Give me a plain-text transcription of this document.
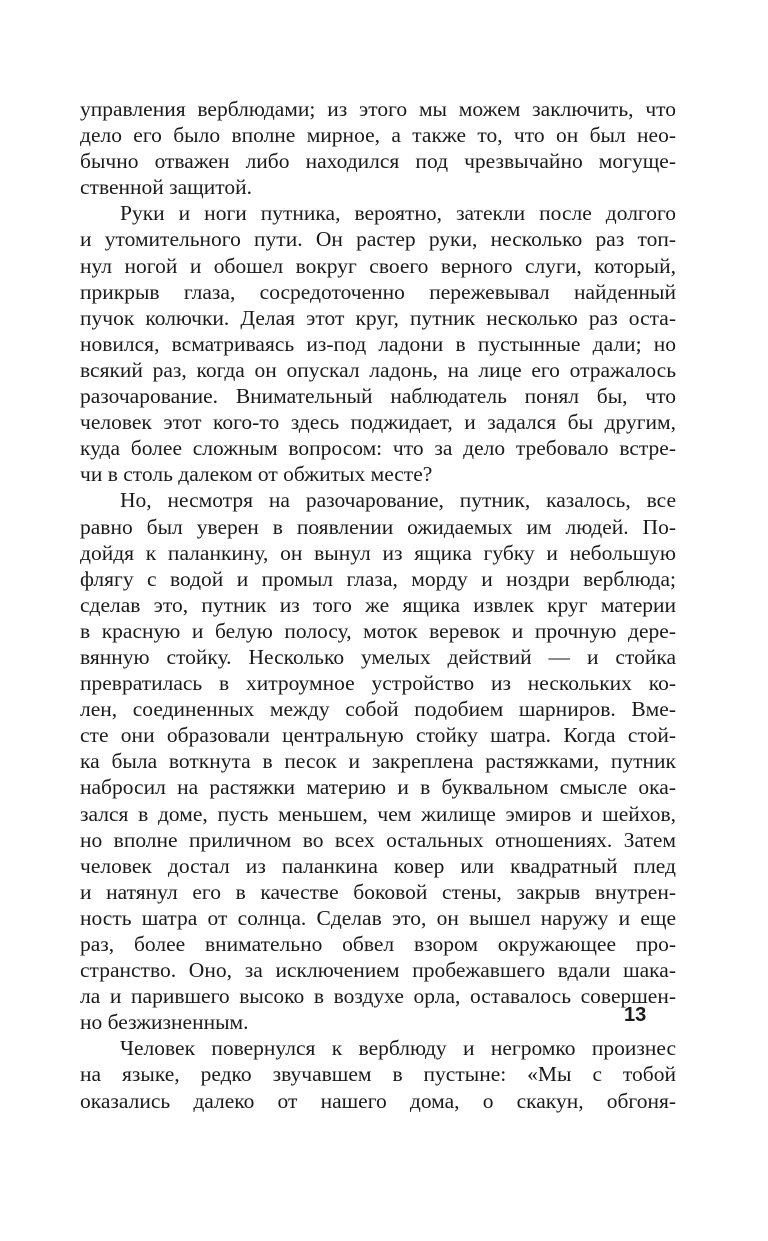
управления верблюдами; из этого мы можем заключить, что
дело его было вполне мирное, а также то, что он был нео-
бычно отважен либо находился под чрезвычайно могуще-
ственной защитой.
Руки и ноги путника, вероятно, затекли после долгого
и утомительного пути. Он растер руки, несколько раз топ-
нул ногой и обошел вокруг своего верного слуги, который,
прикрыв глаза, сосредоточенно пережевывал найденный
пучок колючки. Делая этот круг, путник несколько раз оста-
новился, всматриваясь из-под ладони в пустынные дали; но
всякий раз, когда он опускал ладонь, на лице его отражалось
разочарование. Внимательный наблюдатель понял бы, что
человек этот кого-то здесь поджидает, и задался бы другим,
куда более сложным вопросом: что за дело требовало встре-
чи в столь далеком от обжитых месте?
Но, несмотря на разочарование, путник, казалось, все
равно был уверен в появлении ожидаемых им людей. По-
дойдя к паланкину, он вынул из ящика губку и небольшую
флягу с водой и промыл глаза, морду и ноздри верблюда;
сделав это, путник из того же ящика извлек круг материи
в красную и белую полосу, моток веревок и прочную дере-
вянную стойку. Несколько умелых действий — и стойка
превратилась в хитроумное устройство из нескольких ко-
лен, соединенных между собой подобием шарниров. Вме-
сте они образовали центральную стойку шатра. Когда стой-
ка была воткнута в песок и закреплена растяжками, путник
набросил на растяжки материю и в буквальном смысле ока-
зался в доме, пусть меньшем, чем жилище эмиров и шейхов,
но вполне приличном во всех остальных отношениях. Затем
человек достал из паланкина ковер или квадратный плед
и натянул его в качестве боковой стены, закрыв внутрен-
ность шатра от солнца. Сделав это, он вышел наружу и еще
раз, более внимательно обвел взором окружающее про-
странство. Оно, за исключением пробежавшего вдали шака-
ла и парившего высоко в воздухе орла, оставалось совершен-
но безжизненным.
Человек повернулся к верблюду и негромко произнес
на языке, редко звучавшем в пустыне: «Мы с тобой
оказались далеко от нашего дома, о скакун, обгоня-
13
